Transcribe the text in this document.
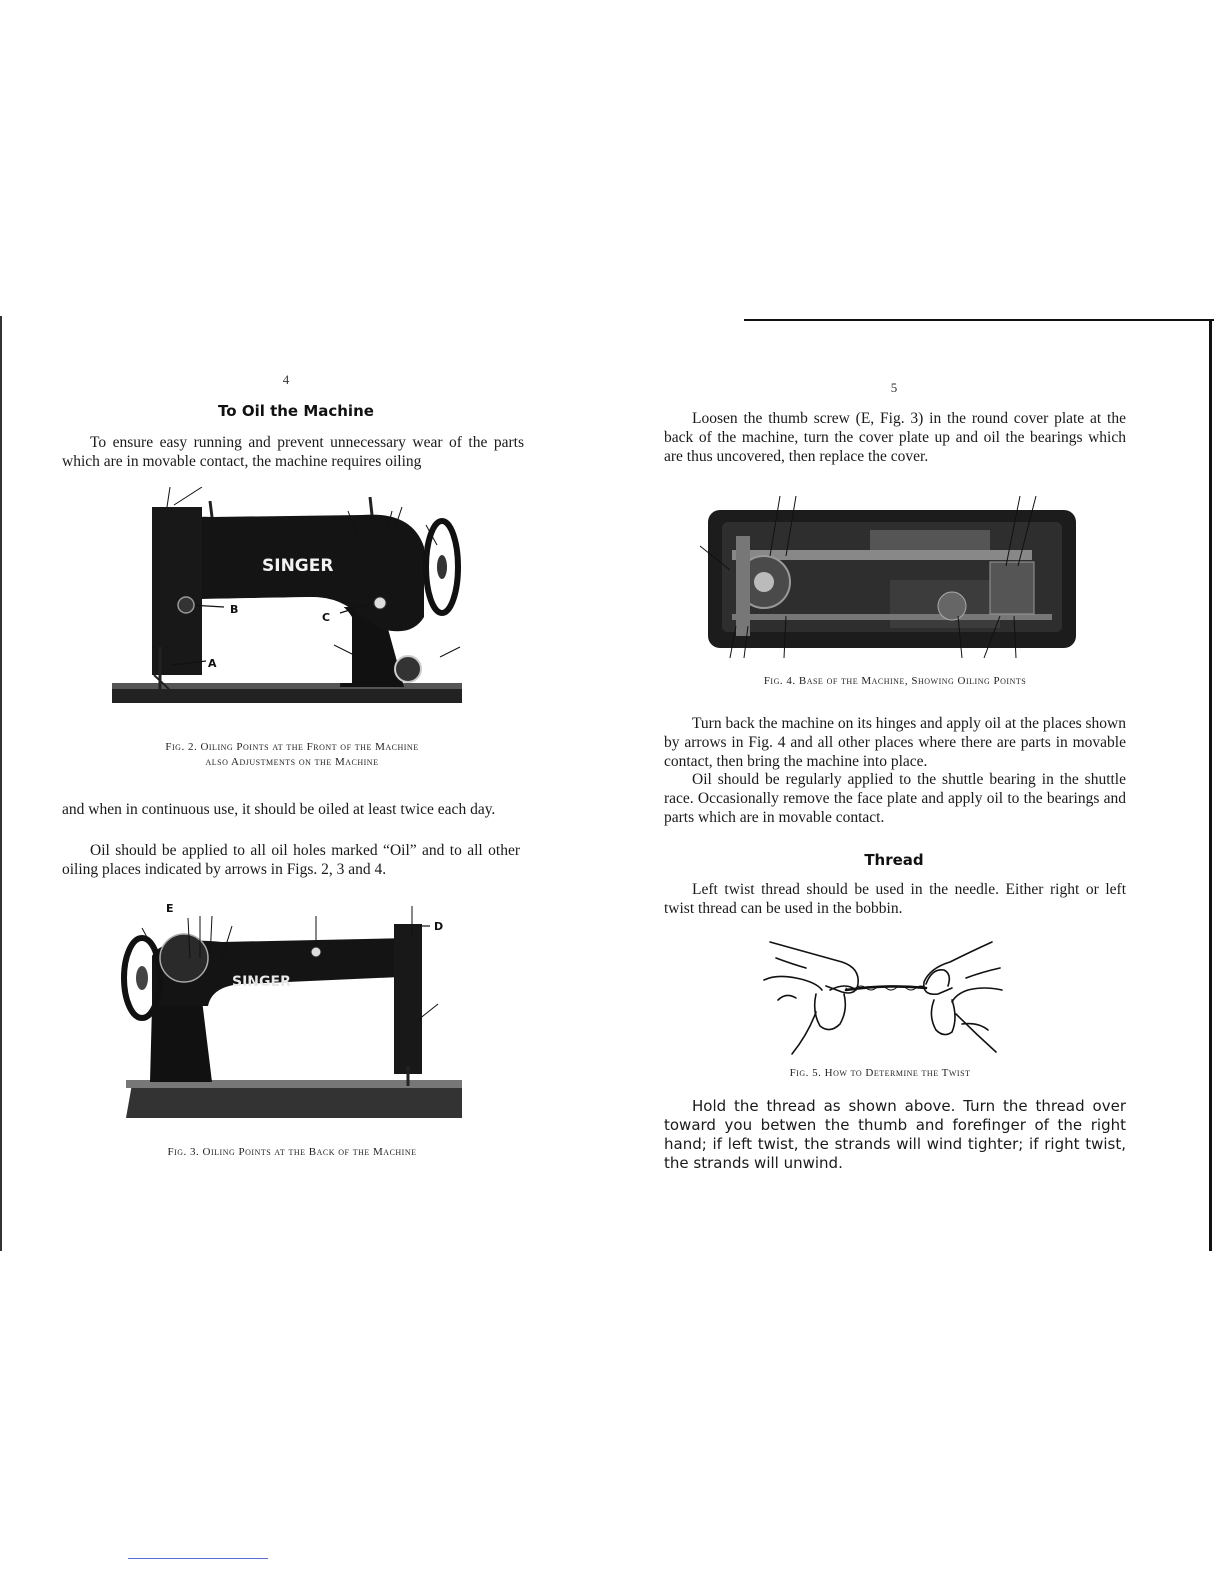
4
To Oil the Machine
To ensure easy running and prevent unnecessary wear of the parts which are in movable contact, the machine requires oiling
SINGER
B
C
A
Fig. 2. Oiling Points at the Front of the Machine
also Adjustments on the Machine
and when in continuous use, it should be oiled at least twice each day.
Oil should be applied to all oil holes marked “Oil” and to all other oiling places indicated by arrows in Figs. 2, 3 and 4.
SINGER
D
E
Fig. 3. Oiling Points at the Back of the Machine
5
Loosen the thumb screw (E, Fig. 3) in the round cover plate at the back of the machine, turn the cover plate up and oil the bearings which are thus uncovered, then replace the cover.
Fig. 4. Base of the Machine, Showing Oiling Points
Turn back the machine on its hinges and apply oil at the places shown by arrows in Fig. 4 and all other places where there are parts in movable contact, then bring the machine into place.
Oil should be regularly applied to the shuttle bearing in the shuttle race. Occasionally remove the face plate and apply oil to the bearings and parts which are in movable contact.
Thread
Left twist thread should be used in the needle. Either right or left twist thread can be used in the bobbin.
Fig. 5. How to Determine the Twist
Hold the thread as shown above. Turn the thread over toward you betwen the thumb and forefinger of the right hand; if left twist, the strands will wind tighter; if right twist, the strands will unwind.
